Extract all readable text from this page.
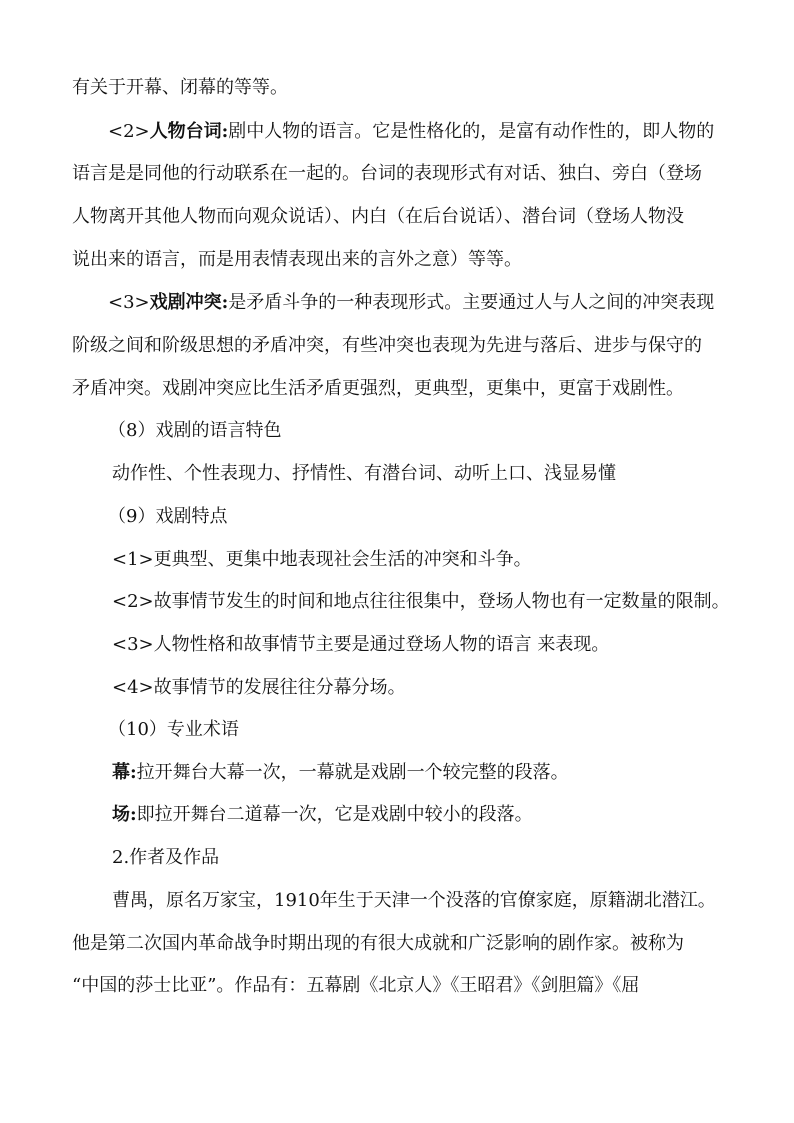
有关于开幕、闭幕的等等。
<2>人物台词:剧中人物的语言。它是性格化的，是富有动作性的，即人物的
语言是是同他的行动联系在一起的。台词的表现形式有对话、独白、旁白（登场
人物离开其他人物而向观众说话）、内白（在后台说话）、潜台词（登场人物没
说出来的语言，而是用表情表现出来的言外之意）等等。
<3>戏剧冲突:是矛盾斗争的一种表现形式。主要通过人与人之间的冲突表现
阶级之间和阶级思想的矛盾冲突，有些冲突也表现为先进与落后、进步与保守的
矛盾冲突。戏剧冲突应比生活矛盾更强烈，更典型，更集中，更富于戏剧性。
（8）戏剧的语言特色
动作性、个性表现力、抒情性、有潜台词、动听上口、浅显易懂
（9）戏剧特点
<1>更典型、更集中地表现社会生活的冲突和斗争。
<2>故事情节发生的时间和地点往往很集中，登场人物也有一定数量的限制。
<3>人物性格和故事情节主要是通过登场人物的语言 来表现。
<4>故事情节的发展往往分幕分场。
（10）专业术语
幕:拉开舞台大幕一次，一幕就是戏剧一个较完整的段落。
场:即拉开舞台二道幕一次，它是戏剧中较小的段落。
2.作者及作品
曹禺，原名万家宝，1910年生于天津一个没落的官僚家庭，原籍湖北潜江。
他是第二次国内革命战争时期出现的有很大成就和广泛影响的剧作家。被称为
“中国的莎士比亚”。作品有：五幕剧《北京人》《王昭君》《剑胆篇》《屈
